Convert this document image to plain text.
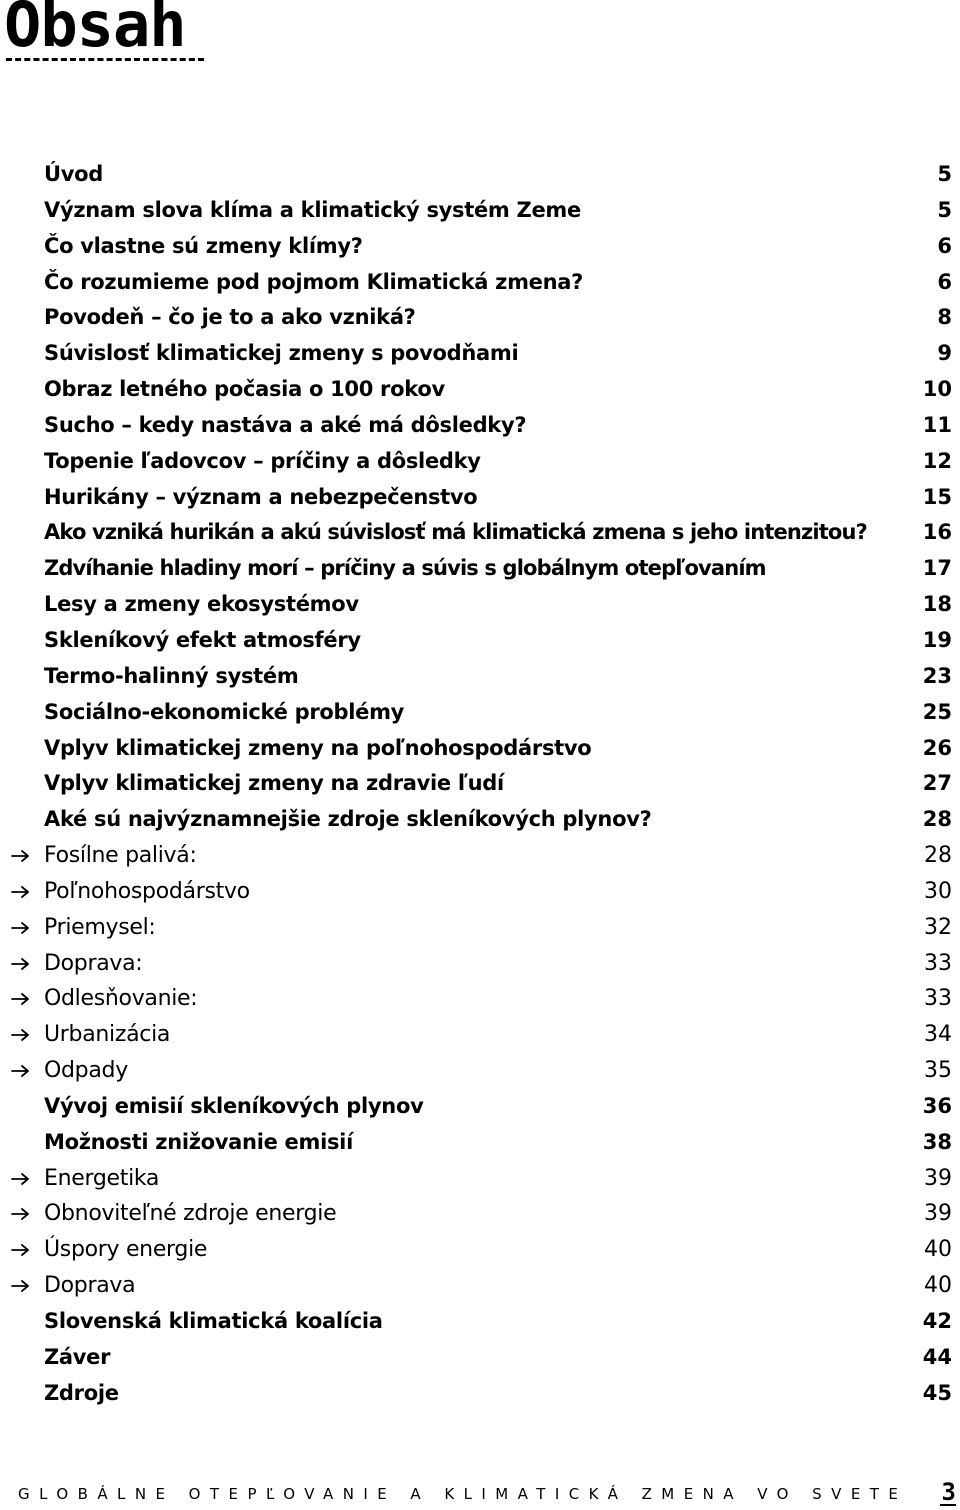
Obsah
Úvod	5
Význam slova klíma a klimatický systém Zeme	5
Čo vlastne sú zmeny klímy?	6
Čo rozumieme pod pojmom Klimatická zmena?	6
Povodeň – čo je to a ako vzniká?	8
Súvislosť klimatickej zmeny s povodňami	9
Obraz letného počasia o 100 rokov	10
Sucho – kedy nastáva a aké má dôsledky?	11
Topenie ľadovcov – príčiny a dôsledky	12
Hurikány – význam a nebezpečenstvo	15
Ako vzniká hurikán a akú súvislosť má klimatická zmena s jeho intenzitou?	16
Zdvíhanie hladiny morí – príčiny a súvis s globálnym otepľovaním	17
Lesy a zmeny ekosystémov	18
Skleníkový efekt atmosféry	19
Termo-halinný systém	23
Sociálno-ekonomické problémy	25
Vplyv klimatickej zmeny na poľnohospodárstvo	26
Vplyv klimatickej zmeny na zdravie ľudí	27
Aké sú najvýznamnejšie zdroje skleníkových plynov?	28
Fosílne palivá:	28
Poľnohospodárstvo	30
Priemysel:	32
Doprava:	33
Odlesňovanie:	33
Urbanizácia	34
Odpady	35
Vývoj emisií skleníkových plynov	36
Možnosti znižovanie emisií	38
Energetika	39
Obnoviteľné zdroje energie	39
Úspory energie	40
Doprava	40
Slovenská klimatická koalícia	42
Záver	44
Zdroje	45
GLOBÁLNE OTEPĽOVANIE A KLIMATICKÁ ZMENA VO SVETE 3
